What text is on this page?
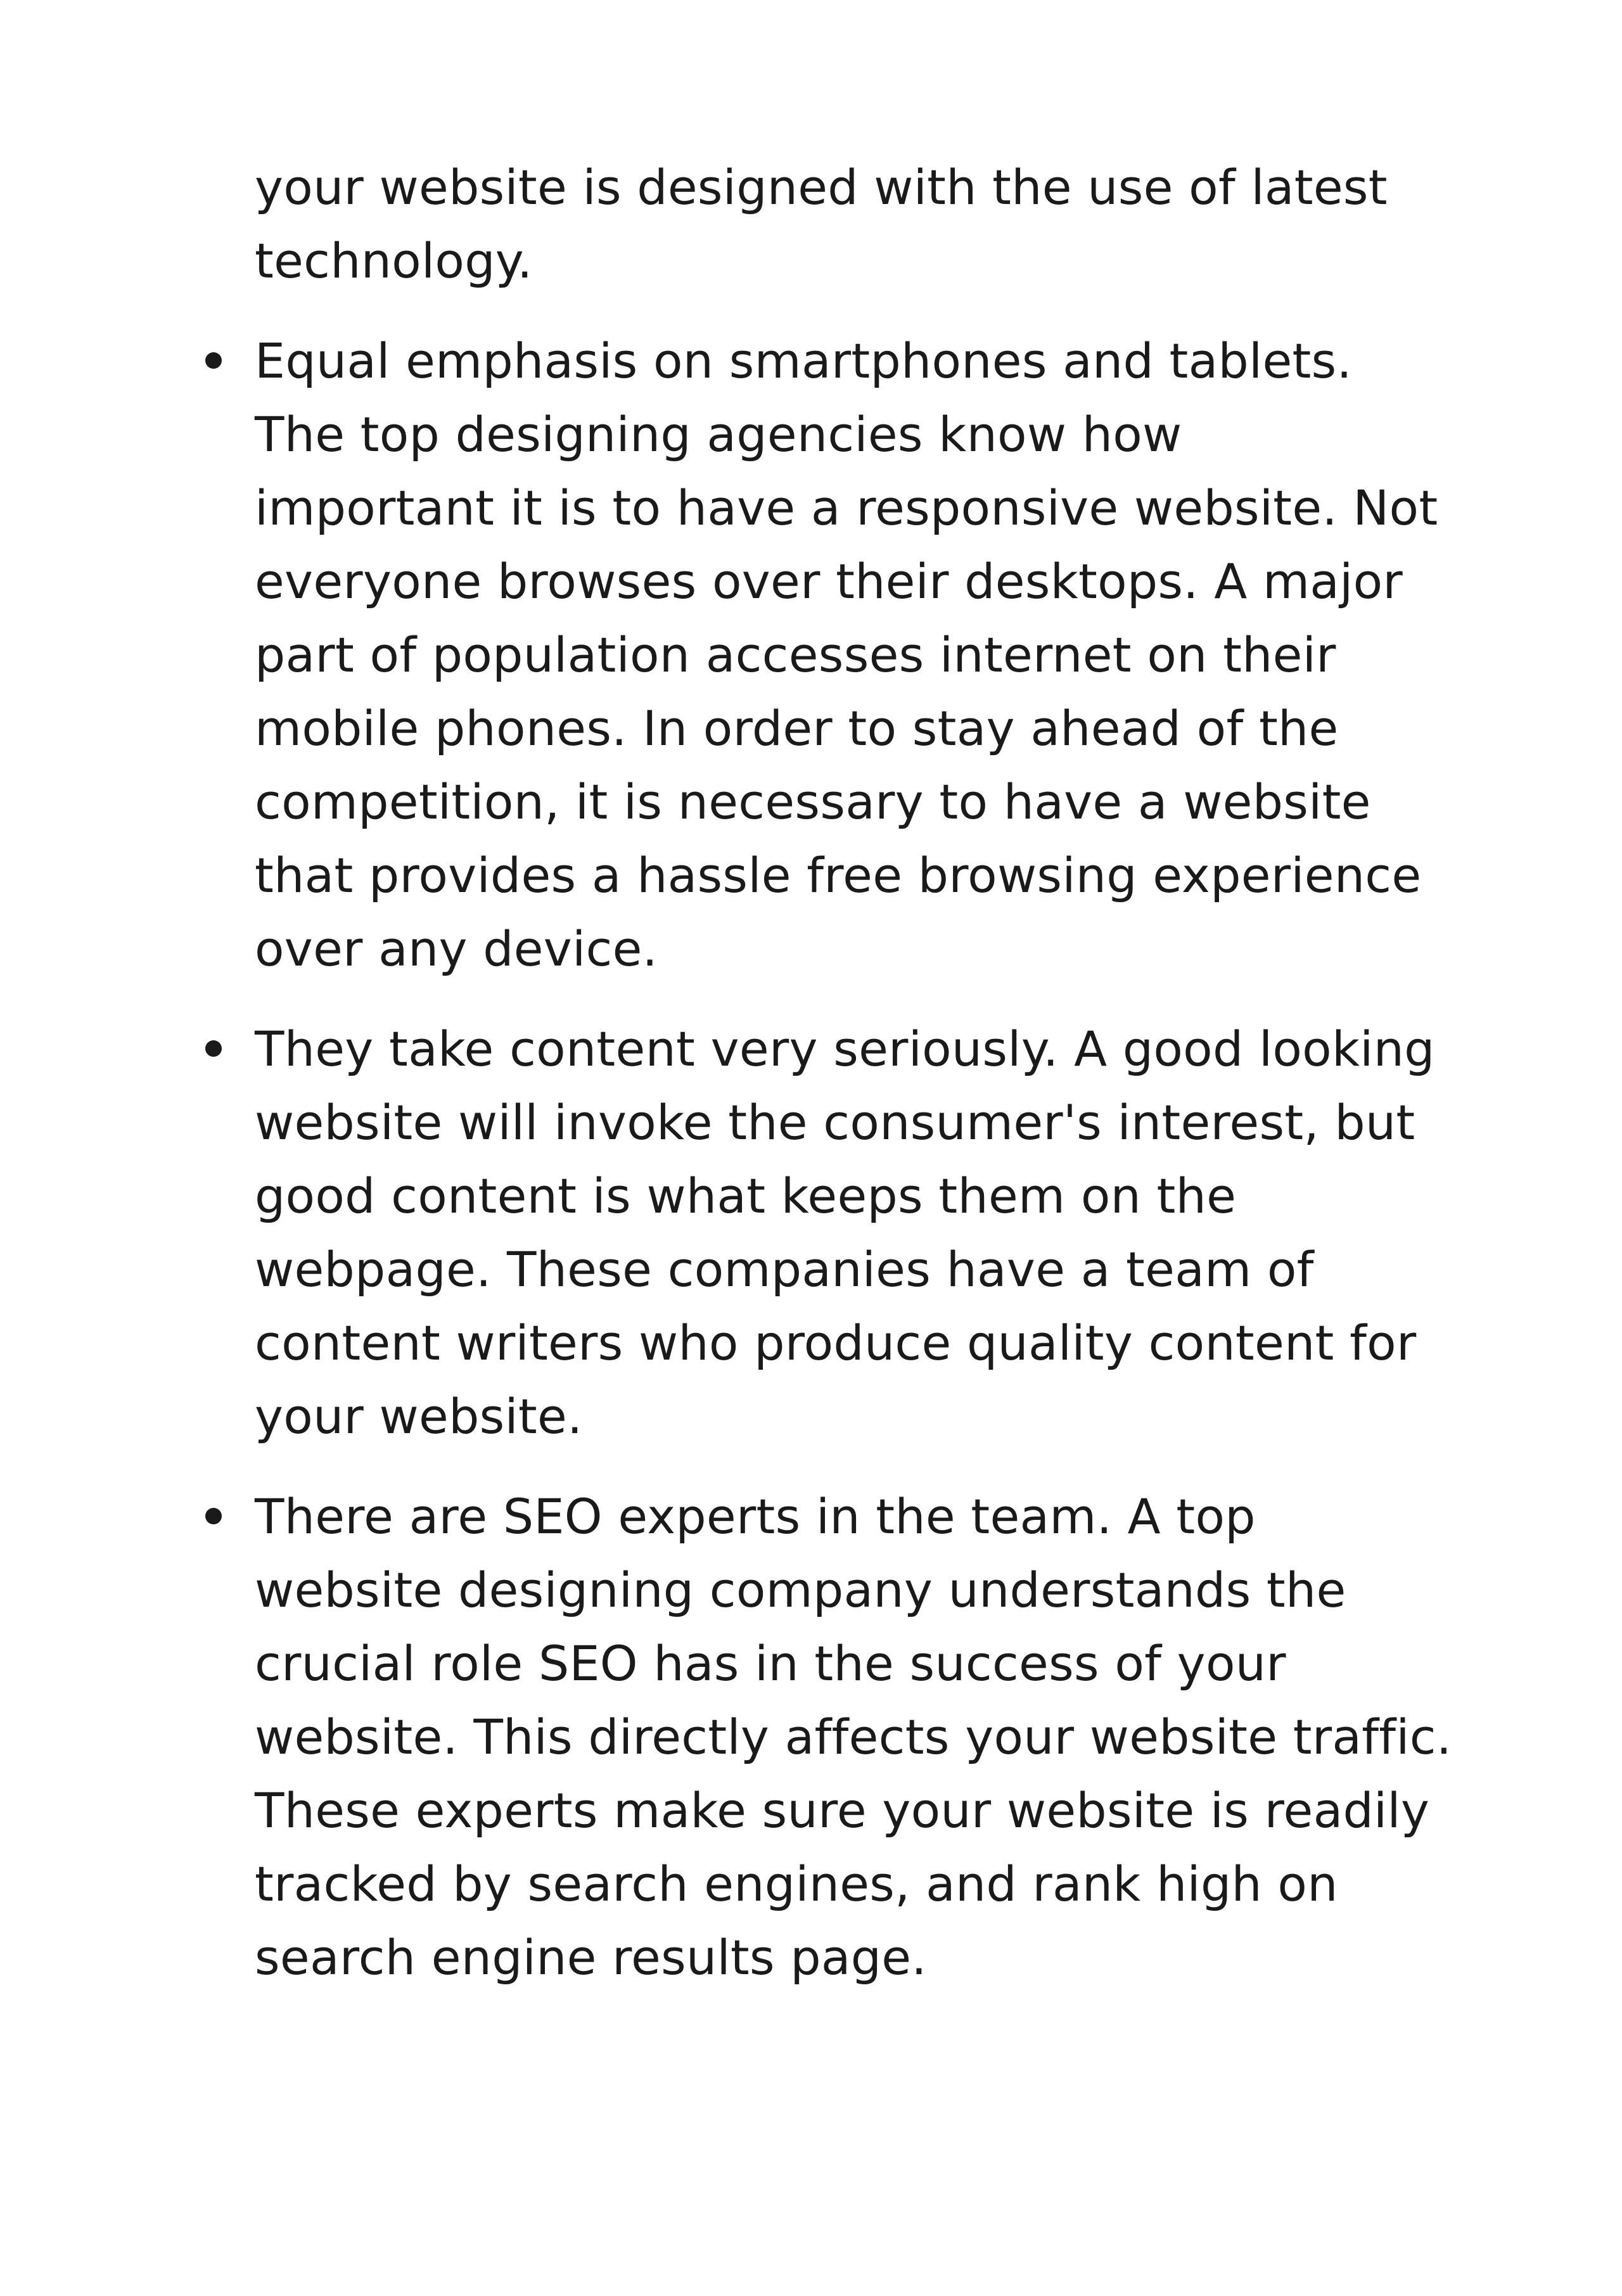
your website is designed with the use of latest
technology.

Equal emphasis on smartphones and tablets.
The top designing agencies know how
important it is to have a responsive website. Not
everyone browses over their desktops. A major
part of population accesses internet on their
mobile phones. In order to stay ahead of the
competition, it is necessary to have a website
that provides a hassle free browsing experience
over any device.

They take content very seriously. A good looking
website will invoke the consumer's interest, but
good content is what keeps them on the
webpage. These companies have a team of
content writers who produce quality content for
your website.

There are SEO experts in the team. A top
website designing company understands the
crucial role SEO has in the success of your
website. This directly affects your website traffic.
These experts make sure your website is readily
tracked by search engines, and rank high on
search engine results page.
